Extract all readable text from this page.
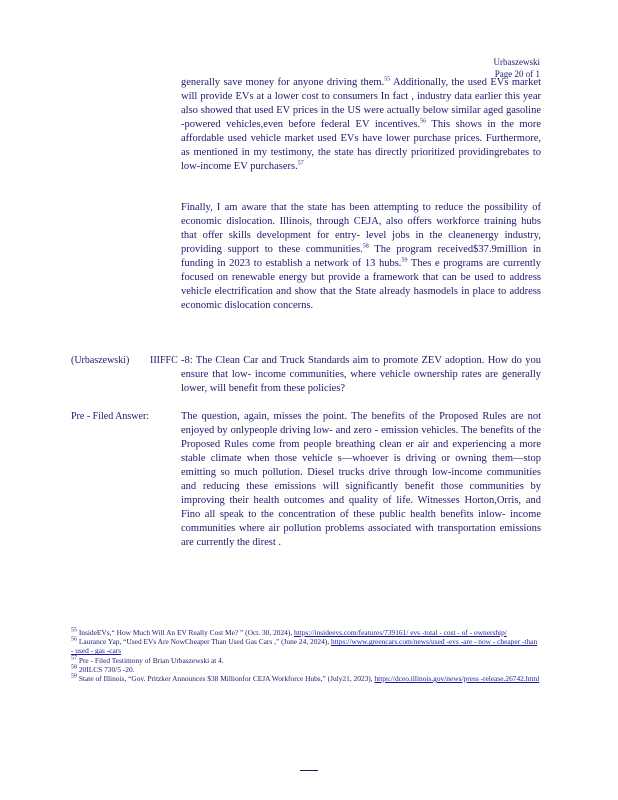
Urbaszewski
Page 20 of 1

generally save money for anyone driving them.$^{55}$ Additionally, the used EVs market will provide EVs at a lower cost to consumers In fact , industry data earlier this year also showed that used EV prices in the US were actually below similar aged gasoline -powered vehicles,even before federal EV incentives.$^{56}$ This shows in the more affordable used vehicle market used EVs have lower purchase prices. Furthermore, as mentioned in my testimony, the state has directly prioritized providingrebates to low-income EV purchasers.$^{57}$

Finally, I am aware that the state has been attempting to reduce the possibility of economic dislocation. Illinois, through CEJA, also offers workforce training hubs that offer skills development for entry- level jobs in the cleanenergy industry, providing support to these communities.$^{58}$ The program received$37.9million in funding in 2023 to establish a network of 13 hubs.$^{59}$ Thes e programs are currently focused on renewable energy but provide a framework that can be used to address vehicle electrification and show that the State already hasmodels in place to address economic dislocation concerns.

(Urbaszewski) IIIFFC -8: The Clean Car and Truck Standards aim to promote ZEV adoption. How do you ensure that low- income communities, where vehicle ownership rates are generally lower, will benefit from these policies?

Pre - Filed Answer:	The question, again, misses the point. The benefits of the Proposed Rules are not enjoyed by onlypeople driving low- and zero - emission vehicles. The benefits of the Proposed Rules come from people breathing clean er air and experiencing a more stable climate when those vehicle s—whoever is driving or owning them—stop emitting so much pollution. Diesel trucks drive through low-income communities and reducing these emissions will significantly benefit those communities by improving their health outcomes and quality of life. Witnesses Horton,Orris, and Fino all speak to the concentration of these public health benefits inlow- income communities where air pollution problems associated with transportation emissions are currently the direst .

$^{55}$ InsideEVs,“ How Much Will An EV Really Cost Me? ” (Oct. 30, 2024), https://insideevs.com/features/739161/ evs -total - cost - of - ownership/

$^{56}$ Laurance Yap, “Used EVs Are NowCheaper Than Used Gas Cars ,” (June 24, 2024), https://www.greencars.com/news/used -evs -are - now - cheaper -than - used - gas -cars

$^{57}$ Pre - Filed Testimony of Brian Urbaszewski at 4.

$^{58}$ 20ILCS 730/5 -20.

$^{59}$ State of Illinois, “Gov. Pritzker Announces $38 Millionfor CEJA Workforce Hubs,” (July21, 2023), https://dceo.illinois.gov/news/press -release.26742.html
